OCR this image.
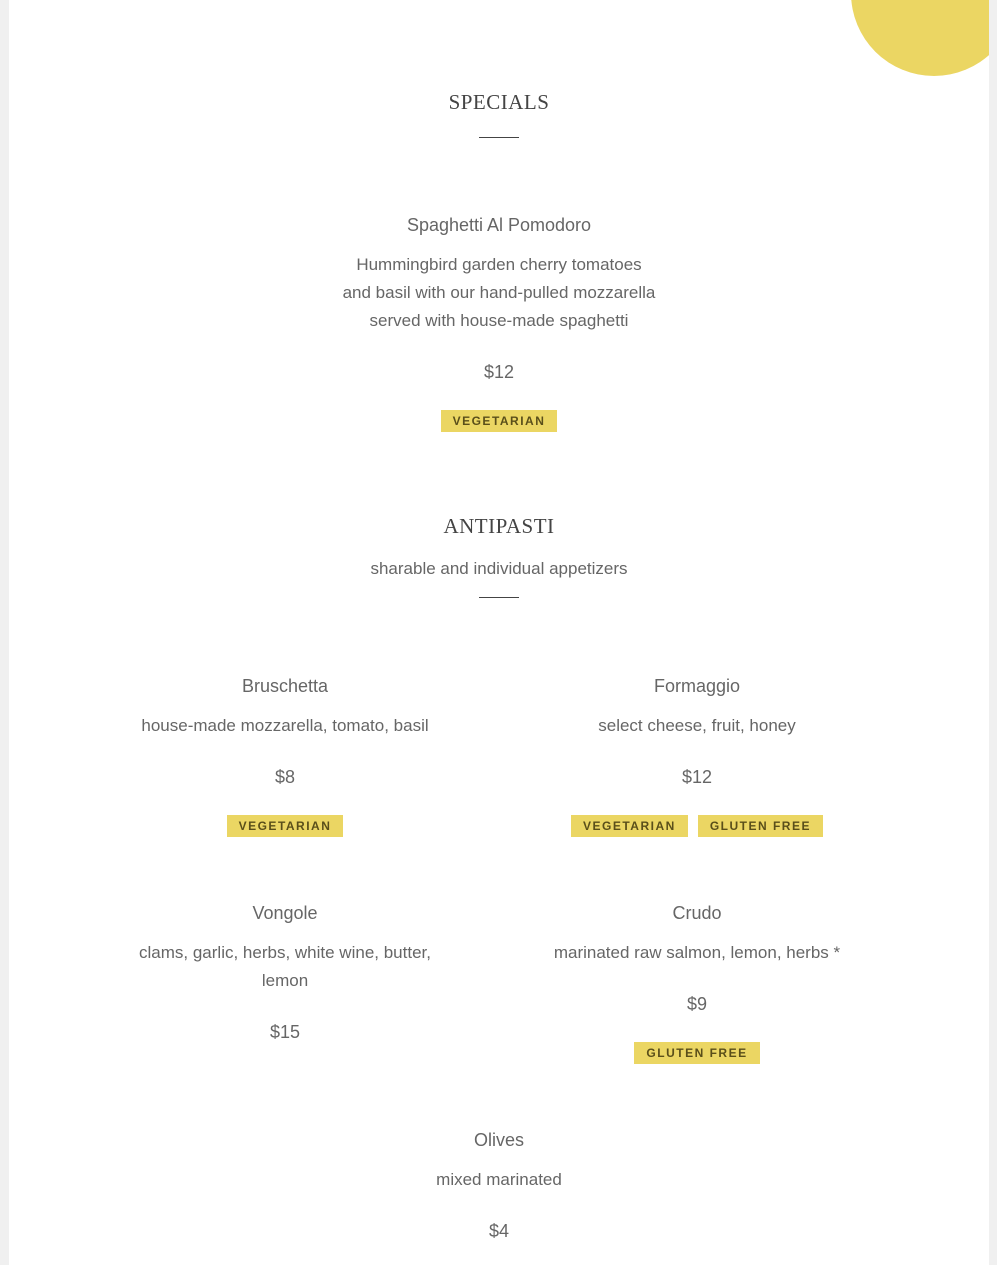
SPECIALS
Spaghetti Al Pomodoro
Hummingbird garden cherry tomatoes
and basil with our hand-pulled mozzarella
served with house-made spaghetti
$12
VEGETARIAN
ANTIPASTI
sharable and individual appetizers
Bruschetta
house-made mozzarella, tomato, basil
$8
VEGETARIAN
Formaggio
select cheese, fruit, honey
$12
VEGETARIAN	GLUTEN FREE
Vongole
clams, garlic, herbs, white wine, butter,
lemon
$15
Crudo
marinated raw salmon, lemon, herbs *
$9
GLUTEN FREE
Olives
mixed marinated
$4
